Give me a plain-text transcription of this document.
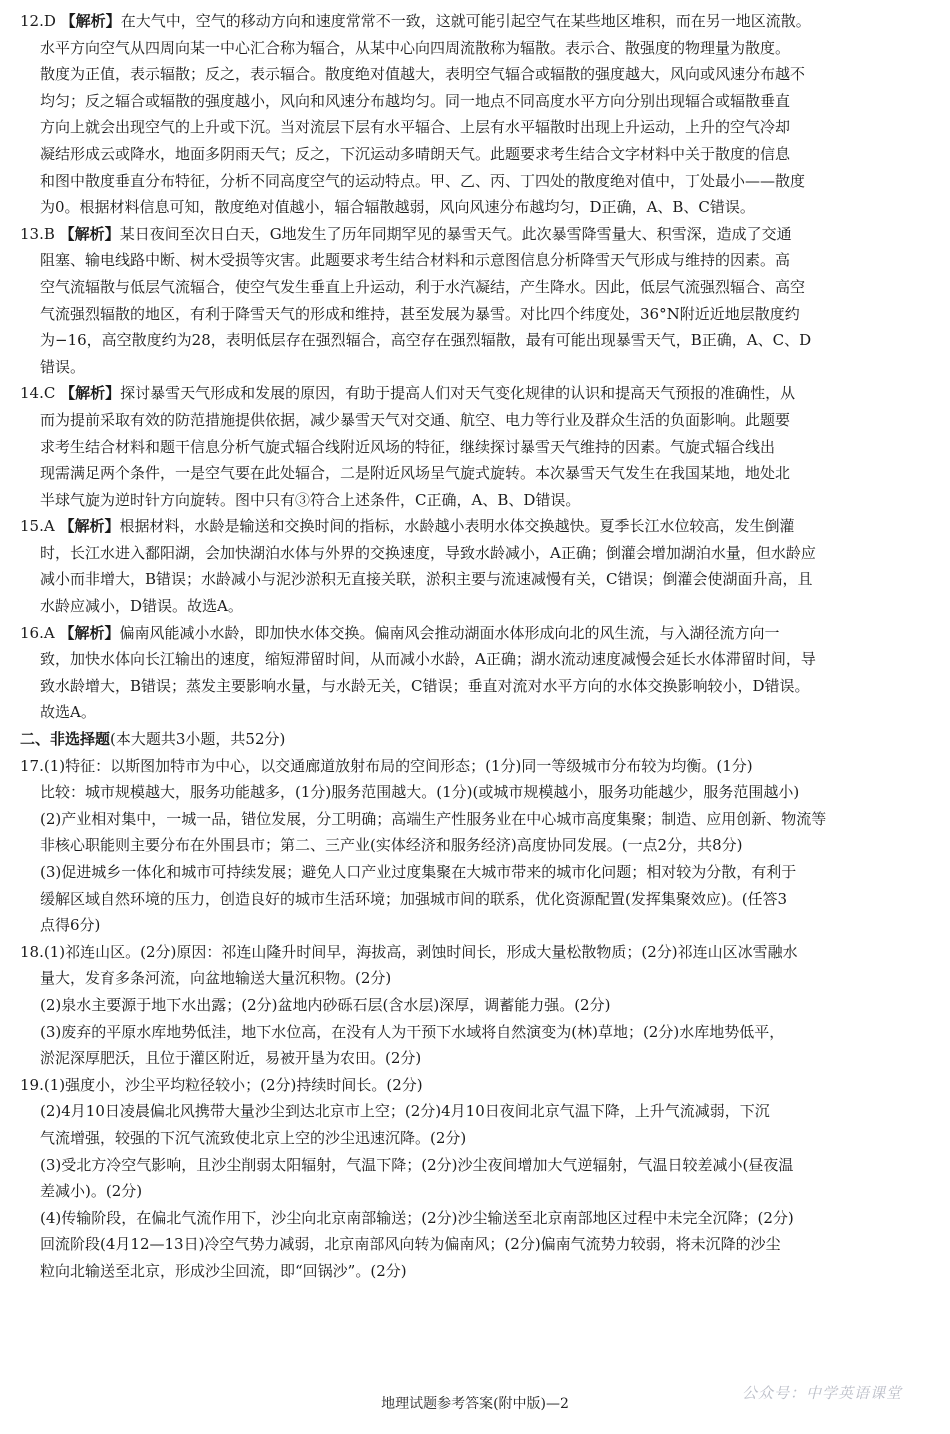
12.D 【解析】在大气中，空气的移动方向和速度常常不一致，这就可能引起空气在某些地区堆积，而在另一地区流散。
水平方向空气从四周向某一中心汇合称为辐合，从某中心向四周流散称为辐散。表示合、散强度的物理量为散度。
散度为正值，表示辐散；反之，表示辐合。散度绝对值越大，表明空气辐合或辐散的强度越大，风向或风速分布越不
均匀；反之辐合或辐散的强度越小，风向和风速分布越均匀。同一地点不同高度水平方向分别出现辐合或辐散垂直
方向上就会出现空气的上升或下沉。当对流层下层有水平辐合、上层有水平辐散时出现上升运动，上升的空气冷却
凝结形成云或降水，地面多阴雨天气；反之，下沉运动多晴朗天气。此题要求考生结合文字材料中关于散度的信息
和图中散度垂直分布特征，分析不同高度空气的运动特点。甲、乙、丙、丁四处的散度绝对值中，丁处最小——散度
为0。根据材料信息可知，散度绝对值越小，辐合辐散越弱，风向风速分布越均匀，D正确，A、B、C错误。
13.B 【解析】某日夜间至次日白天，G地发生了历年同期罕见的暴雪天气。此次暴雪降雪量大、积雪深，造成了交通
阻塞、输电线路中断、树木受损等灾害。此题要求考生结合材料和示意图信息分析降雪天气形成与维持的因素。高
空气流辐散与低层气流辐合，使空气发生垂直上升运动，利于水汽凝结，产生降水。因此，低层气流强烈辐合、高空
气流强烈辐散的地区，有利于降雪天气的形成和维持，甚至发展为暴雪。对比四个纬度处，36°N附近近地层散度约
为−16，高空散度约为28，表明低层存在强烈辐合，高空存在强烈辐散，最有可能出现暴雪天气，B正确，A、C、D
错误。
14.C 【解析】探讨暴雪天气形成和发展的原因，有助于提高人们对天气变化规律的认识和提高天气预报的准确性，从
而为提前采取有效的防范措施提供依据，减少暴雪天气对交通、航空、电力等行业及群众生活的负面影响。此题要
求考生结合材料和题干信息分析气旋式辐合线附近风场的特征，继续探讨暴雪天气维持的因素。气旋式辐合线出
现需满足两个条件，一是空气要在此处辐合，二是附近风场呈气旋式旋转。本次暴雪天气发生在我国某地，地处北
半球气旋为逆时针方向旋转。图中只有③符合上述条件，C正确，A、B、D错误。
15.A 【解析】根据材料，水龄是输送和交换时间的指标，水龄越小表明水体交换越快。夏季长江水位较高，发生倒灌
时，长江水进入鄱阳湖，会加快湖泊水体与外界的交换速度，导致水龄减小，A正确；倒灌会增加湖泊水量，但水龄应
减小而非增大，B错误；水龄减小与泥沙淤积无直接关联，淤积主要与流速减慢有关，C错误；倒灌会使湖面升高，且
水龄应减小，D错误。故选A。
16.A 【解析】偏南风能减小水龄，即加快水体交换。偏南风会推动湖面水体形成向北的风生流，与入湖径流方向一
致，加快水体向长江输出的速度，缩短滞留时间，从而减小水龄，A正确；湖水流动速度减慢会延长水体滞留时间，导
致水龄增大，B错误；蒸发主要影响水量，与水龄无关，C错误；垂直对流对水平方向的水体交换影响较小，D错误。
故选A。
二、非选择题(本大题共3小题，共52分)
17.(1)特征：以斯图加特市为中心，以交通廊道放射布局的空间形态；(1分)同一等级城市分布较为均衡。(1分)
比较：城市规模越大，服务功能越多，(1分)服务范围越大。(1分)(或城市规模越小，服务功能越少，服务范围越小)
(2)产业相对集中，一城一品，错位发展，分工明确；高端生产性服务业在中心城市高度集聚；制造、应用创新、物流等
非核心职能则主要分布在外围县市；第二、三产业(实体经济和服务经济)高度协同发展。(一点2分，共8分)
(3)促进城乡一体化和城市可持续发展；避免人口产业过度集聚在大城市带来的城市化问题；相对较为分散，有利于
缓解区域自然环境的压力，创造良好的城市生活环境；加强城市间的联系，优化资源配置(发挥集聚效应)。(任答3
点得6分)
18.(1)祁连山区。(2分)原因：祁连山隆升时间早，海拔高，剥蚀时间长，形成大量松散物质；(2分)祁连山区冰雪融水
量大，发育多条河流，向盆地输送大量沉积物。(2分)
(2)泉水主要源于地下水出露；(2分)盆地内砂砾石层(含水层)深厚，调蓄能力强。(2分)
(3)废弃的平原水库地势低洼，地下水位高，在没有人为干预下水域将自然演变为(林)草地；(2分)水库地势低平，
淤泥深厚肥沃，且位于灌区附近，易被开垦为农田。(2分)
19.(1)强度小，沙尘平均粒径较小；(2分)持续时间长。(2分)
(2)4月10日凌晨偏北风携带大量沙尘到达北京市上空；(2分)4月10日夜间北京气温下降，上升气流减弱，下沉
气流增强，较强的下沉气流致使北京上空的沙尘迅速沉降。(2分)
(3)受北方冷空气影响，且沙尘削弱太阳辐射，气温下降；(2分)沙尘夜间增加大气逆辐射，气温日较差减小(昼夜温
差减小)。(2分)
(4)传输阶段，在偏北气流作用下，沙尘向北京南部输送；(2分)沙尘输送至北京南部地区过程中未完全沉降；(2分)
回流阶段(4月12—13日)冷空气势力减弱，北京南部风向转为偏南风；(2分)偏南气流势力较弱，将未沉降的沙尘
粒向北输送至北京，形成沙尘回流，即“回锅沙”。(2分)
地理试题参考答案(附中版)—2
公众号：中学英语课堂
